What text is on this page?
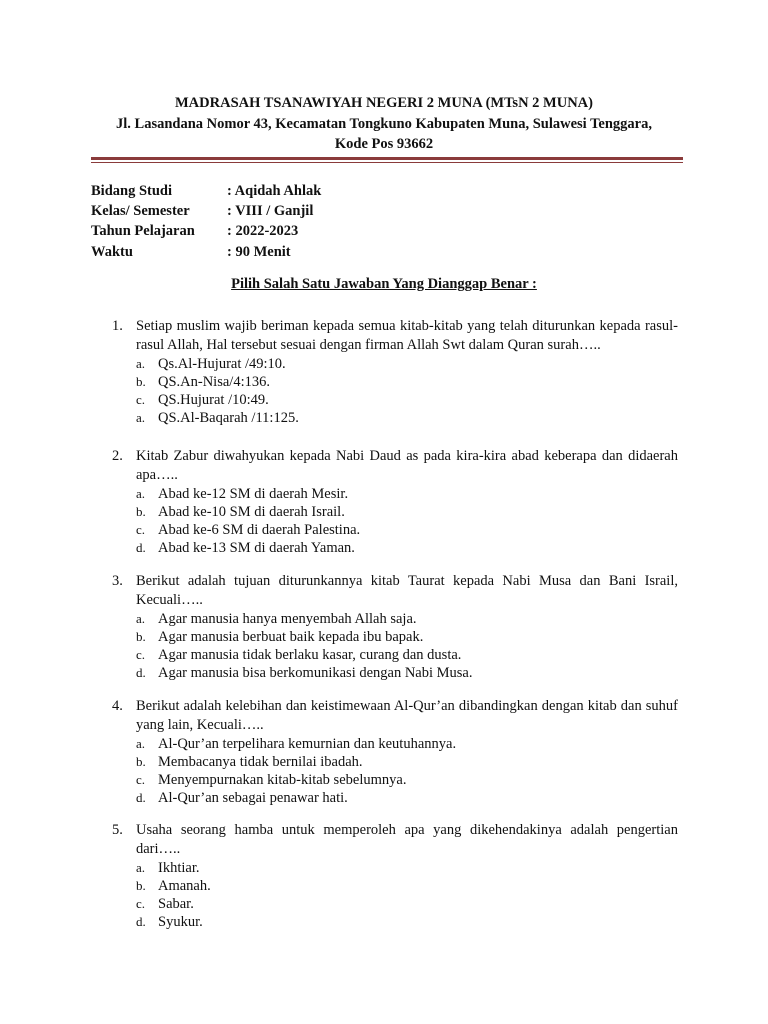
MADRASAH TSANAWIYAH NEGERI 2 MUNA (MTsN 2 MUNA)
Jl. Lasandana Nomor 43, Kecamatan Tongkuno Kabupaten Muna, Sulawesi Tenggara,
Kode Pos 93662
Bidang Studi	: Aqidah Ahlak
Kelas/ Semester	: VIII / Ganjil
Tahun Pelajaran : 2022-2023
Waktu	: 90 Menit
Pilih Salah Satu Jawaban Yang Dianggap Benar :
1. Setiap muslim wajib beriman kepada semua kitab-kitab yang telah diturunkan kepada rasul-rasul Allah, Hal tersebut sesuai dengan firman Allah Swt dalam Quran surah…..
a. Qs.Al-Hujurat /49:10.
b. QS.An-Nisa/4:136.
c. QS.Hujurat /10:49.
a. QS.Al-Baqarah /11:125.
2. Kitab Zabur diwahyukan kepada Nabi Daud as pada kira-kira abad keberapa dan didaerah apa…..
a. Abad ke-12 SM di daerah Mesir.
b. Abad ke-10 SM di daerah Israil.
c. Abad ke-6 SM di daerah Palestina.
d. Abad ke-13 SM di daerah Yaman.
3. Berikut adalah tujuan diturunkannya kitab Taurat kepada Nabi Musa dan Bani Israil, Kecuali…..
a. Agar manusia hanya menyembah Allah saja.
b. Agar manusia berbuat baik kepada ibu bapak.
c. Agar manusia tidak berlaku kasar, curang dan dusta.
d. Agar manusia bisa berkomunikasi dengan Nabi Musa.
4. Berikut adalah kelebihan dan keistimewaan Al-Qur’an dibandingkan dengan kitab dan suhuf yang lain, Kecuali…..
a. Al-Qur’an terpelihara kemurnian dan keutuhannya.
b. Membacanya tidak bernilai ibadah.
c. Menyempurnakan kitab-kitab sebelumnya.
d. Al-Qur’an sebagai penawar hati.
5. Usaha seorang hamba untuk memperoleh apa yang dikehendakinya adalah pengertian dari…..
a. Ikhtiar.
b. Amanah.
c. Sabar.
d. Syukur.
